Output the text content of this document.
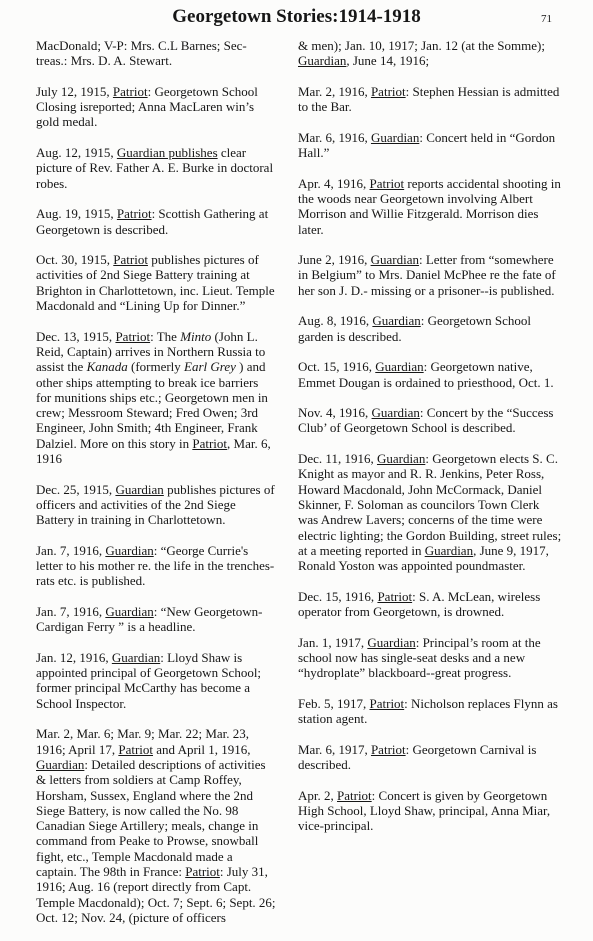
Georgetown Stories:1914-1918	71

MacDonald; V-P: Mrs. C.L Barnes; Sec-treas.: Mrs. D. A. Stewart.

July 12, 1915, Patriot: Georgetown School Closing isreported; Anna MacLaren win’s gold medal.

Aug. 12, 1915, Guardian publishes clear picture of Rev. Father A. E. Burke in doctoral robes.

Aug. 19, 1915, Patriot: Scottish Gathering at Georgetown is described.

Oct. 30, 1915, Patriot publishes pictures of activities of 2nd Siege Battery training at Brighton in Charlottetown, inc. Lieut. Temple Macdonald and “Lining Up for Dinner.”

Dec. 13, 1915, Patriot: The Minto (John L. Reid, Captain) arrives in Northern Russia to assist the Kanada (formerly Earl Grey ) and other ships attempting to break ice barriers for munitions ships etc.; Georgetown men in crew; Messroom Steward; Fred Owen; 3rd Engineer, John Smith; 4th Engineer, Frank Dalziel. More on this story in Patriot, Mar. 6, 1916

Dec. 25, 1915, Guardian publishes pictures of officers and activities of the 2nd Siege Battery in training in Charlottetown.

Jan. 7, 1916, Guardian: “George Currie's letter to his mother re. the life in the trenches- rats etc. is published.

Jan. 7, 1916, Guardian: “New Georgetown-Cardigan Ferry ” is a headline.

Jan. 12, 1916, Guardian: Lloyd Shaw is appointed principal of Georgetown School; former principal McCarthy has become a School Inspector.

Mar. 2, Mar. 6; Mar. 9; Mar. 22; Mar. 23, 1916; April 17, Patriot and April 1, 1916, Guardian: Detailed descriptions of activities & letters from soldiers at Camp Roffey, Horsham, Sussex, England where the 2nd Siege Battery, is now called the No. 98 Canadian Siege Artillery; meals, change in command from Peake to Prowse, snowball fight, etc., Temple Macdonald made a captain. The 98th in France: Patriot: July 31, 1916; Aug. 16 (report directly from Capt. Temple Macdonald); Oct. 7; Sept. 6; Sept. 26; Oct. 12; Nov. 24, (picture of officers

& men); Jan. 10, 1917; Jan. 12 (at the Somme); Guardian, June 14, 1916;

Mar. 2, 1916, Patriot: Stephen Hessian is admitted to the Bar.

Mar. 6, 1916, Guardian: Concert held in “Gordon Hall.”

Apr. 4, 1916, Patriot reports accidental shooting in the woods near Georgetown involving Albert Morrison and Willie Fitzgerald. Morrison dies later.

June 2, 1916, Guardian: Letter from “somewhere in Belgium” to Mrs. Daniel McPhee re the fate of her son J. D.- missing or a prisoner--is published.

Aug. 8, 1916, Guardian: Georgetown School garden is described.

Oct. 15, 1916, Guardian: Georgetown native, Emmet Dougan is ordained to priesthood, Oct. 1.

Nov. 4, 1916, Guardian: Concert by the “Success Club’ of Georgetown School is described.

Dec. 11, 1916, Guardian: Georgetown elects S. C. Knight as mayor and R. R. Jenkins, Peter Ross, Howard Macdonald, John McCormack, Daniel Skinner, F. Soloman as councilors Town Clerk was Andrew Lavers; concerns of the time were electric lighting; the Gordon Building, street rules; at a meeting reported in Guardian, June 9, 1917, Ronald Yoston was appointed poundmaster.

Dec. 15, 1916, Patriot: S. A. McLean, wireless operator from Georgetown, is drowned.

Jan. 1, 1917, Guardian: Principal’s room at the school now has single-seat desks and a new “hydroplate” blackboard--great progress.

Feb. 5, 1917, Patriot: Nicholson replaces Flynn as station agent.

Mar. 6, 1917, Patriot: Georgetown Carnival is described.

Apr. 2, Patriot: Concert is given by Georgetown High School, Lloyd Shaw, principal, Anna Miar, vice-principal.
